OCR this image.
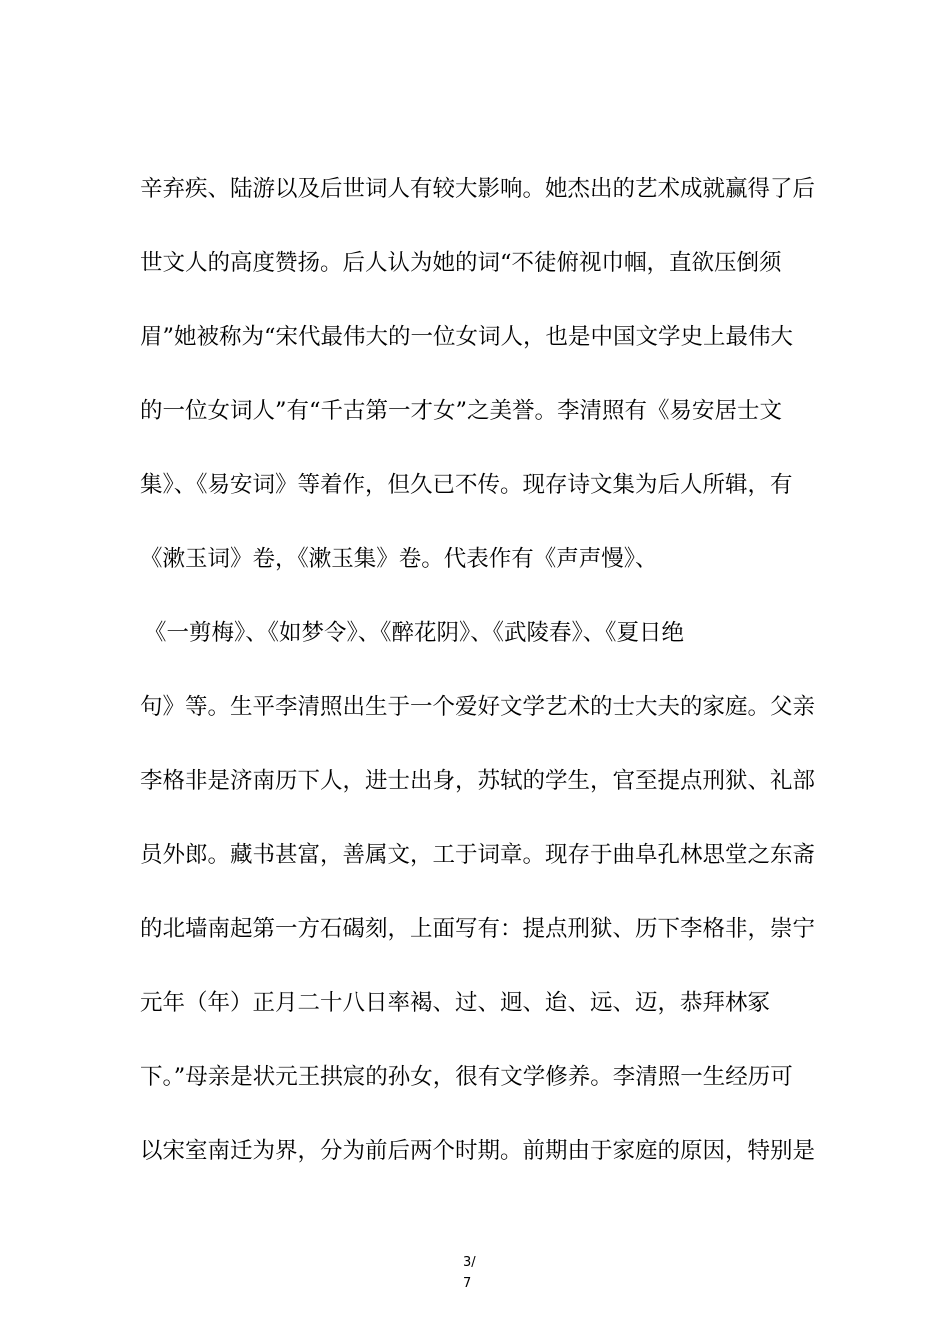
辛弃疾、陆游以及后世词人有较大影响。她杰出的艺术成就赢得了后
世文人的高度赞扬。后人认为她的词“不徒俯视巾帼，直欲压倒须
眉”她被称为“宋代最伟大的一位女词人，也是中国文学史上最伟大
的一位女词人”有“千古第一才女”之美誉。李清照有《易安居士文
集》、《易安词》等着作，但久已不传。现存诗文集为后人所辑，有
《漱玉词》卷，《漱玉集》卷。代表作有《声声慢》、
《一剪梅》、《如梦令》、《醉花阴》、《武陵春》、《夏日绝
句》等。生平李清照出生于一个爱好文学艺术的士大夫的家庭。父亲
李格非是济南历下人，进士出身，苏轼的学生，官至提点刑狱、礼部
员外郎。藏书甚富，善属文，工于词章。现存于曲阜孔林思堂之东斋
的北墙南起第一方石碣刻，上面写有：提点刑狱、历下李格非，崇宁
元年（年）正月二十八日率褐、过、迥、迨、远、迈，恭拜林冢
下。”母亲是状元王拱宸的孙女，很有文学修养。李清照一生经历可
以宋室南迁为界，分为前后两个时期。前期由于家庭的原因，特别是
3/
7
